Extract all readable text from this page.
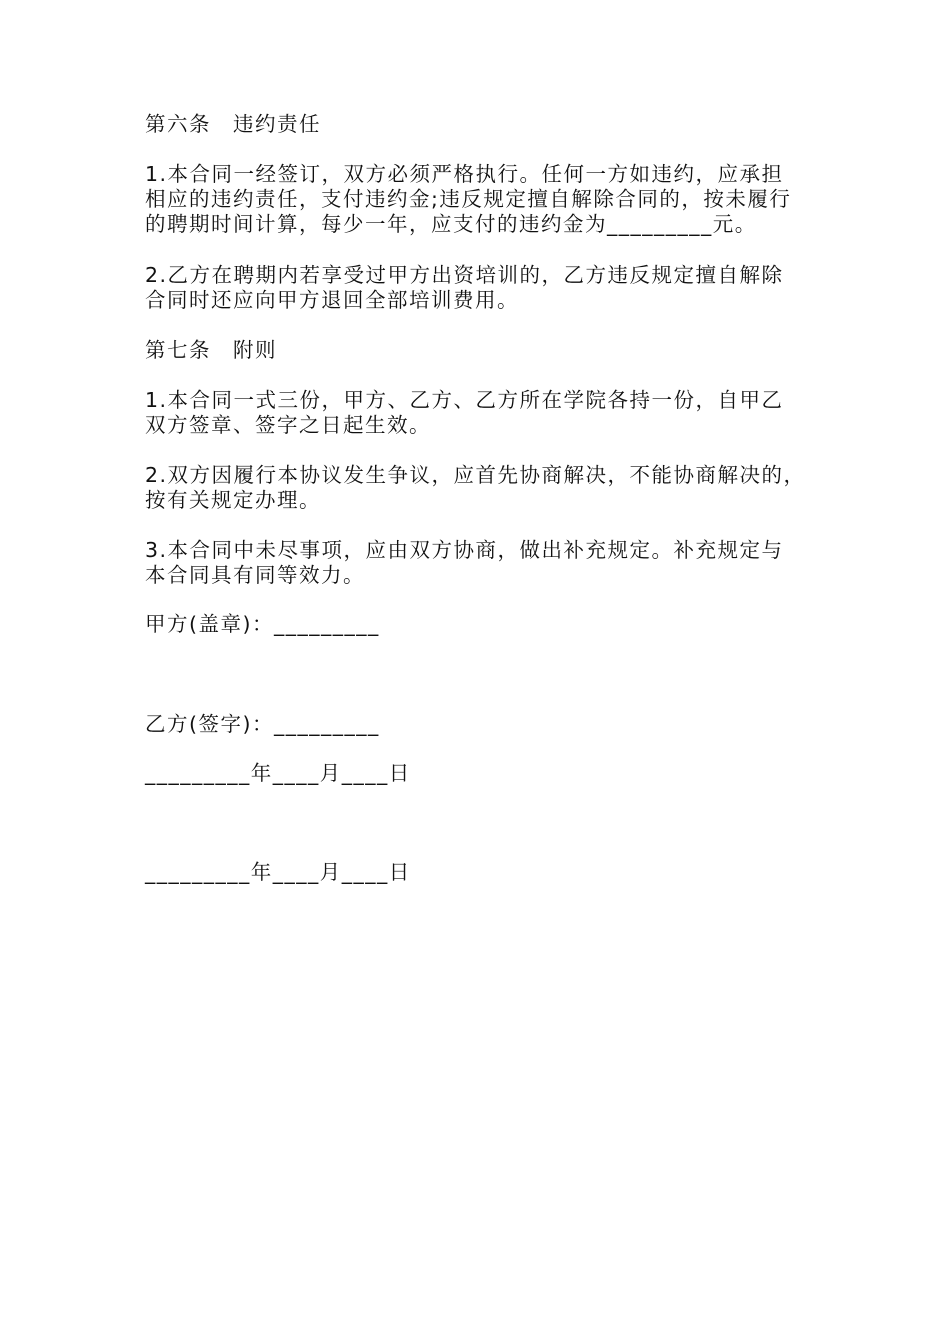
第六条　违约责任

1.本合同一经签订，双方必须严格执行。任何一方如违约，应承担

相应的违约责任，支付违约金;违反规定擅自解除合同的，按未履行

的聘期时间计算，每少一年，应支付的违约金为_________元。

2.乙方在聘期内若享受过甲方出资培训的，乙方违反规定擅自解除

合同时还应向甲方退回全部培训费用。

第七条　附则

1.本合同一式三份，甲方、乙方、乙方所在学院各持一份，自甲乙

双方签章、签字之日起生效。

2.双方因履行本协议发生争议，应首先协商解决，不能协商解决的，

按有关规定办理。

3.本合同中未尽事项，应由双方协商，做出补充规定。补充规定与

本合同具有同等效力。

甲方(盖章)：_________

乙方(签字)：_________

_________年____月____日

_________年____月____日
